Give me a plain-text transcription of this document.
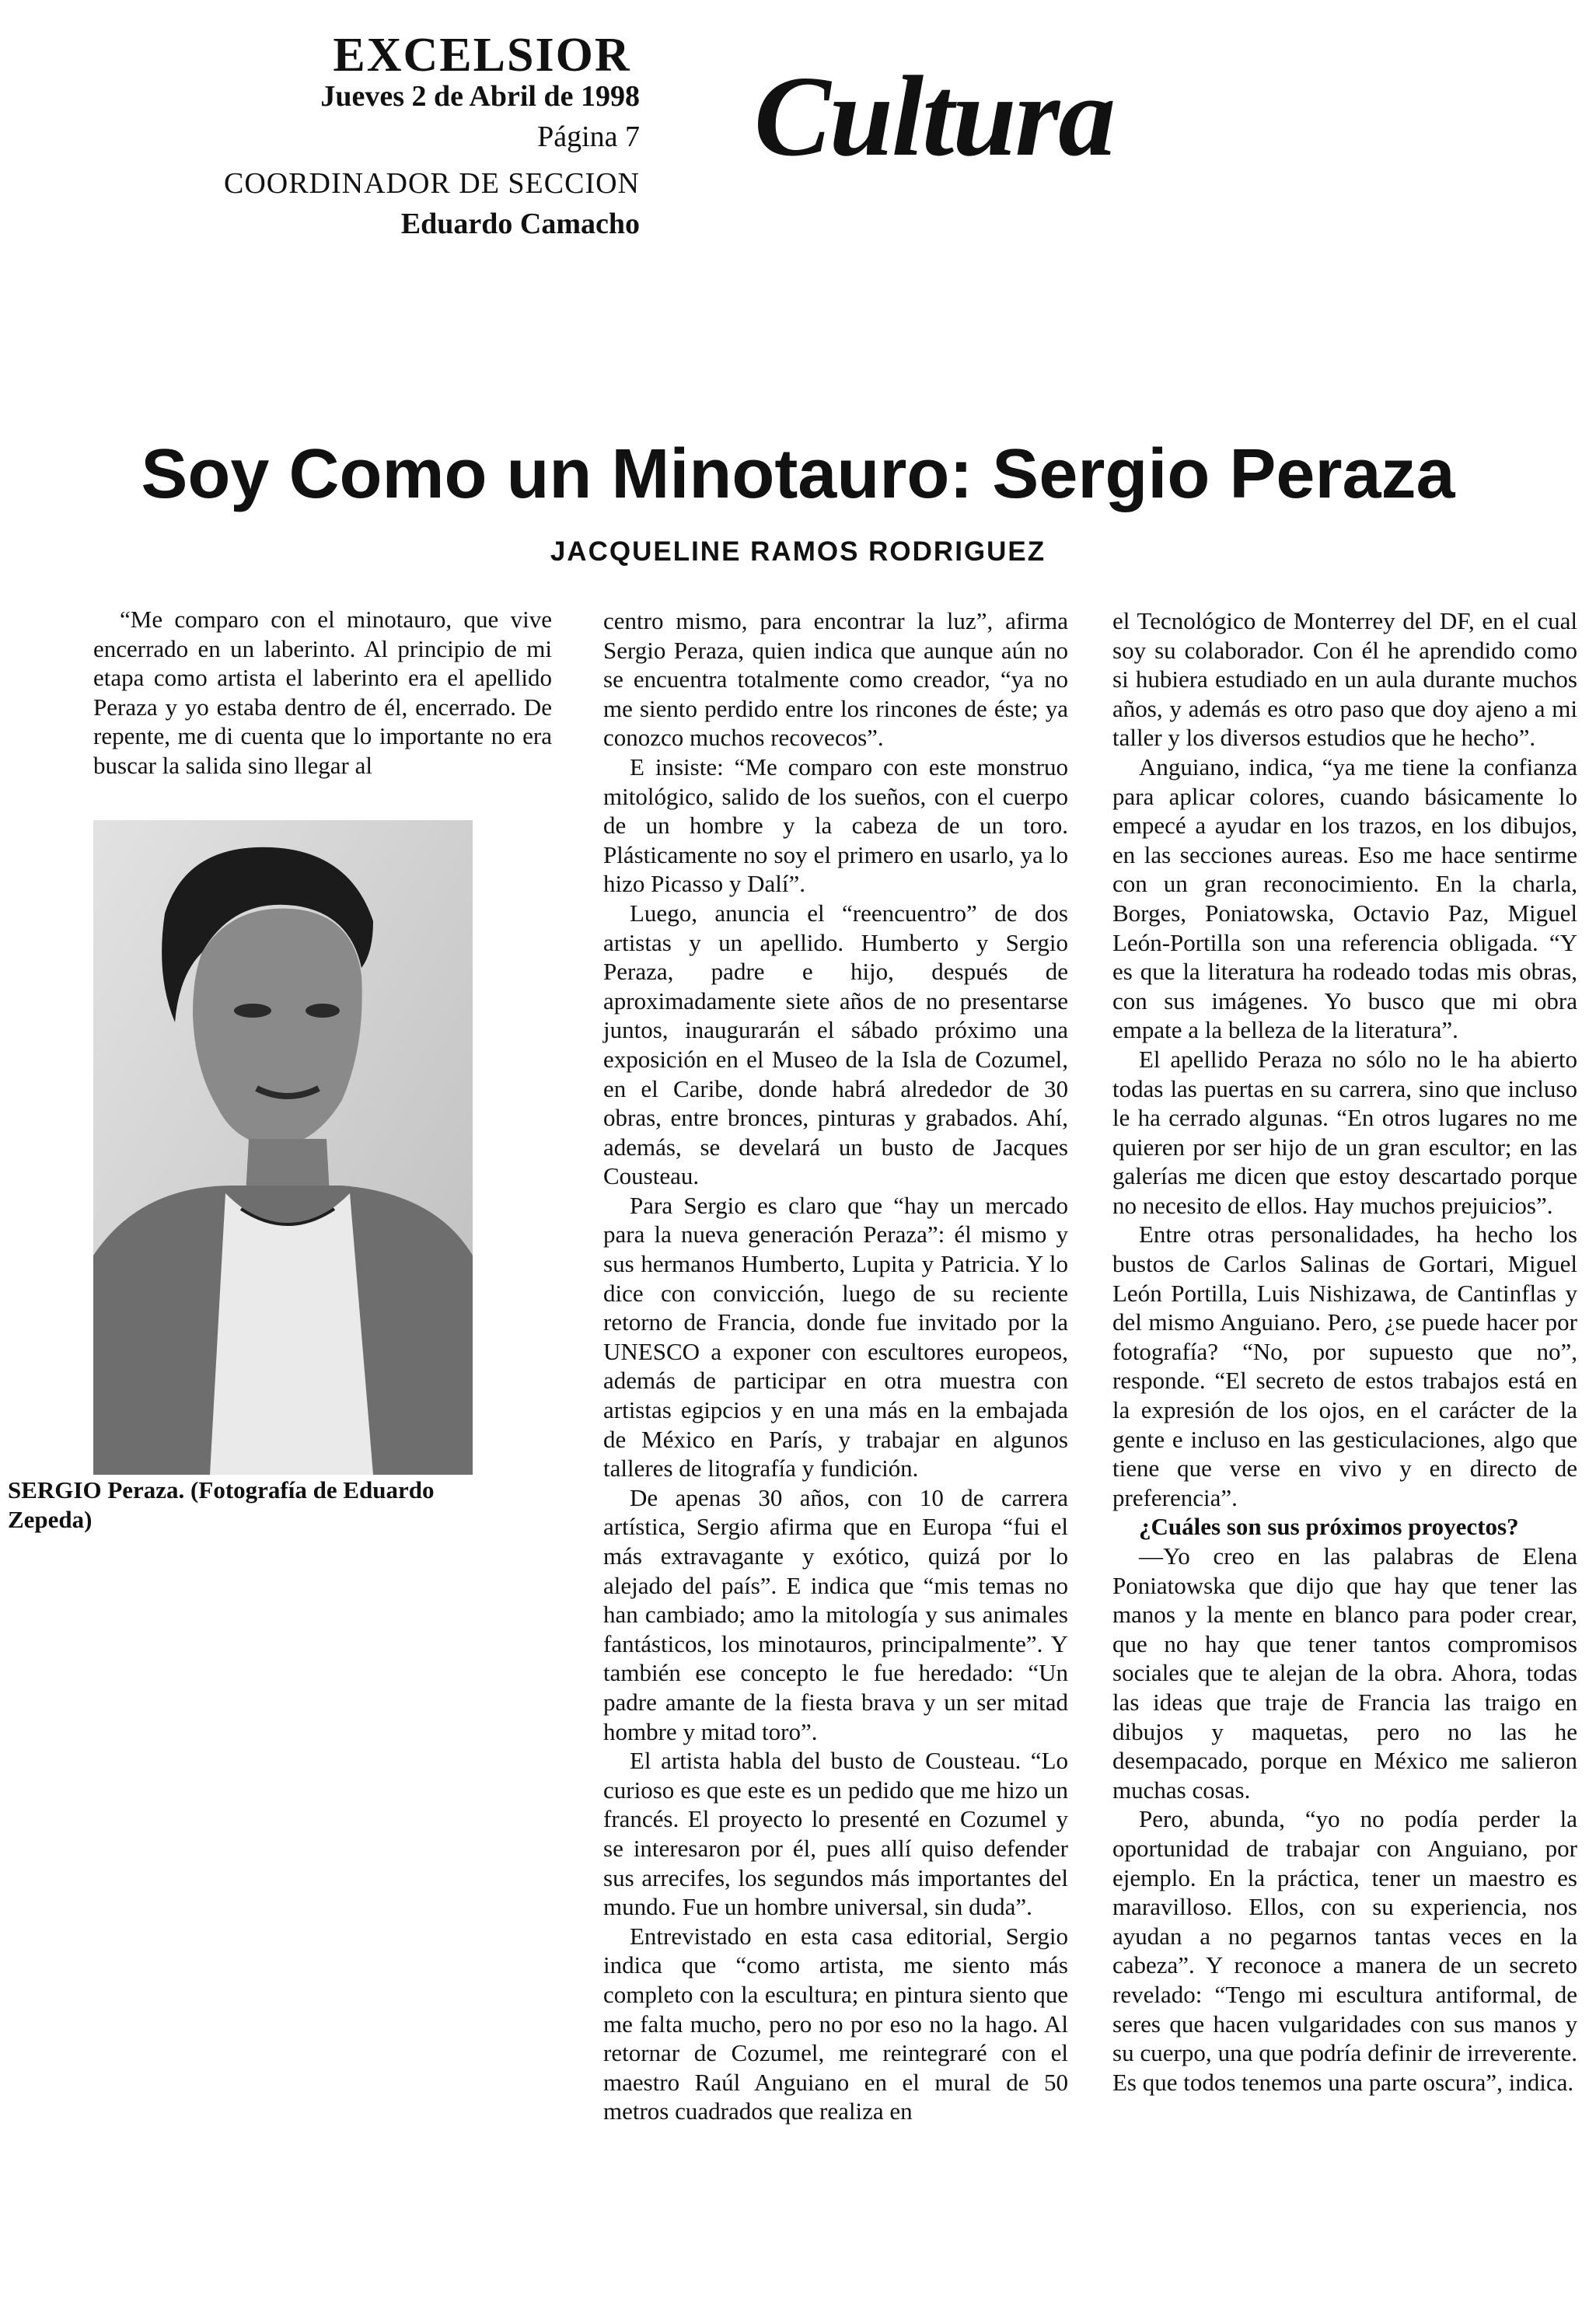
EXCELSIOR
Jueves 2 de Abril de 1998
Página 7
COORDINADOR DE SECCION
Eduardo Camacho
Cultura
Soy Como un Minotauro: Sergio Peraza
JACQUELINE RAMOS RODRIGUEZ

“Me comparo con el minotauro, que vive encerrado en un laberinto. Al principio de mi etapa como artista el laberinto era el apellido Peraza y yo estaba dentro de él, encerrado. De repente, me di cuenta que lo importante no era buscar la salida sino llegar al

SERGIO Peraza. (Fotografía de Eduardo Zepeda)

centro mismo, para encontrar la luz”, afirma Sergio Peraza, quien indica que aunque aún no se encuentra totalmente como creador, “ya no me siento perdido entre los rincones de éste; ya conozco muchos recovecos”.

E insiste: “Me comparo con este monstruo mitológico, salido de los sueños, con el cuerpo de un hombre y la cabeza de un toro. Plásticamente no soy el primero en usarlo, ya lo hizo Picasso y Dalí”.

Luego, anuncia el “reencuentro” de dos artistas y un apellido. Humberto y Sergio Peraza, padre e hijo, después de aproximadamente siete años de no presentarse juntos, inaugurarán el sábado próximo una exposición en el Museo de la Isla de Cozumel, en el Caribe, donde habrá alrededor de 30 obras, entre bronces, pinturas y grabados. Ahí, además, se develará un busto de Jacques Cousteau.

Para Sergio es claro que “hay un mercado para la nueva generación Peraza”: él mismo y sus hermanos Humberto, Lupita y Patricia. Y lo dice con convicción, luego de su reciente retorno de Francia, donde fue invitado por la UNESCO a exponer con escultores europeos, además de participar en otra muestra con artistas egipcios y en una más en la embajada de México en París, y trabajar en algunos talleres de litografía y fundición.

De apenas 30 años, con 10 de carrera artística, Sergio afirma que en Europa “fui el más extravagante y exótico, quizá por lo alejado del país”. E indica que “mis temas no han cambiado; amo la mitología y sus animales fantásticos, los minotauros, principalmente”. Y también ese concepto le fue heredado: “Un padre amante de la fiesta brava y un ser mitad hombre y mitad toro”.

El artista habla del busto de Cousteau. “Lo curioso es que este es un pedido que me hizo un francés. El proyecto lo presenté en Cozumel y se interesaron por él, pues allí quiso defender sus arrecifes, los segundos más importantes del mundo. Fue un hombre universal, sin duda”.

Entrevistado en esta casa editorial, Sergio indica que “como artista, me siento más completo con la escultura; en pintura siento que me falta mucho, pero no por eso no la hago. Al retornar de Cozumel, me reintegraré con el maestro Raúl Anguiano en el mural de 50 metros cuadrados que realiza en

el Tecnológico de Monterrey del DF, en el cual soy su colaborador. Con él he aprendido como si hubiera estudiado en un aula durante muchos años, y además es otro paso que doy ajeno a mi taller y los diversos estudios que he hecho”.

Anguiano, indica, “ya me tiene la confianza para aplicar colores, cuando básicamente lo empecé a ayudar en los trazos, en los dibujos, en las secciones aureas. Eso me hace sentirme con un gran reconocimiento. En la charla, Borges, Poniatowska, Octavio Paz, Miguel León-Portilla son una referencia obligada. “Y es que la literatura ha rodeado todas mis obras, con sus imágenes. Yo busco que mi obra empate a la belleza de la literatura”.

El apellido Peraza no sólo no le ha abierto todas las puertas en su carrera, sino que incluso le ha cerrado algunas. “En otros lugares no me quieren por ser hijo de un gran escultor; en las galerías me dicen que estoy descartado porque no necesito de ellos. Hay muchos prejuicios”.

Entre otras personalidades, ha hecho los bustos de Carlos Salinas de Gortari, Miguel León Portilla, Luis Nishizawa, de Cantinflas y del mismo Anguiano. Pero, ¿se puede hacer por fotografía? “No, por supuesto que no”, responde. “El secreto de estos trabajos está en la expresión de los ojos, en el carácter de la gente e incluso en las gesticulaciones, algo que tiene que verse en vivo y en directo de preferencia”.

¿Cuáles son sus próximos proyectos?

—Yo creo en las palabras de Elena Poniatowska que dijo que hay que tener las manos y la mente en blanco para poder crear, que no hay que tener tantos compromisos sociales que te alejan de la obra. Ahora, todas las ideas que traje de Francia las traigo en dibujos y maquetas, pero no las he desempacado, porque en México me salieron muchas cosas.

Pero, abunda, “yo no podía perder la oportunidad de trabajar con Anguiano, por ejemplo. En la práctica, tener un maestro es maravilloso. Ellos, con su experiencia, nos ayudan a no pegarnos tantas veces en la cabeza”. Y reconoce a manera de un secreto revelado: “Tengo mi escultura antiformal, de seres que hacen vulgaridades con sus manos y su cuerpo, una que podría definir de irreverente. Es que todos tenemos una parte oscura”, indica.
